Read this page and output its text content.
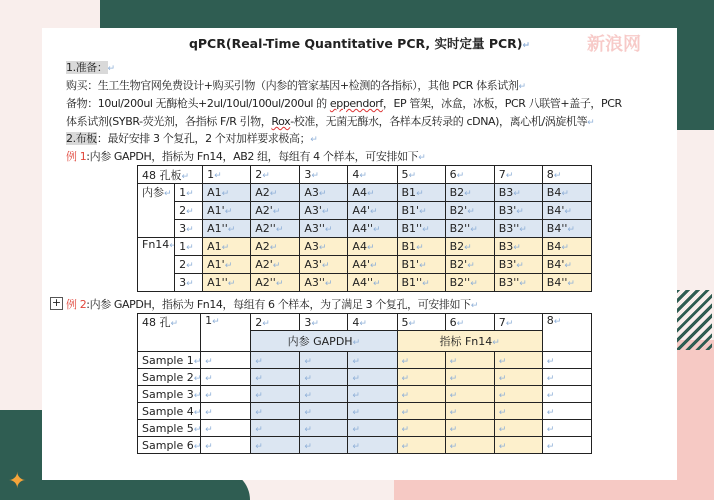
✦
qPCR(Real-Time Quantitative PCR, 实时定量 PCR) ↵	新浪网
1.准备： ↵
购买：生工生物官网免费设计+购买引物（内参的管家基因+检测的各指标），其他 PCR 体系试剂 ↵
备物：10ul/200ul 无酶枪头+2ul/10ul/100ul/200ul 的 eppendorf，EP 管架，冰盒，冰板，PCR 八联管+盖子，PCR
体系试剂(SYBR-荧光剂，各指标 F/R 引物，Rox-校准，无菌无酶水，各样本反转录的 cDNA)，离心机/涡旋机等 ↵
2.布板：最好安排 3 个复孔，2 个对加样要求极高； ↵
例 1:内参 GAPDH，指标为 Fn14，AB2 组，每组有 4 个样本，可安排如下 ↵
48 孔板 ↵		1 ↵	2 ↵	3 ↵	4 ↵	5 ↵	6 ↵	7 ↵	8 ↵
内参 ↵	1 ↵	A1 ↵	A2 ↵	A3 ↵	A4 ↵	B1 ↵	B2 ↵	B3 ↵	B4 ↵
	2 ↵	A1' ↵	A2' ↵	A3' ↵	A4' ↵	B1' ↵	B2' ↵	B3' ↵	B4' ↵
	3 ↵	A1'' ↵	A2'' ↵	A3'' ↵	A4'' ↵	B1'' ↵	B2'' ↵	B3'' ↵	B4'' ↵
Fn14 ↵	1 ↵	A1 ↵	A2 ↵	A3 ↵	A4 ↵	B1 ↵	B2 ↵	B3 ↵	B4 ↵
	2 ↵	A1' ↵	A2' ↵	A3' ↵	A4' ↵	B1' ↵	B2' ↵	B3' ↵	B4' ↵
	3 ↵	A1'' ↵	A2'' ↵	A3'' ↵	A4'' ↵	B1'' ↵	B2'' ↵	B3'' ↵	B4'' ↵
例 2:内参 GAPDH，指标为 Fn14，每组有 6 个样本，为了满足 3 个复孔，可安排如下 ↵
+
48 孔 ↵	1 ↵	2 ↵	3 ↵	4 ↵	5 ↵	6 ↵	7 ↵	8 ↵
		内参 GAPDH ↵			指标 Fn14 ↵
Sample 1 ↵	↵	↵	↵	↵	↵	↵	↵	↵
Sample 2 ↵	↵	↵	↵	↵	↵	↵	↵	↵
Sample 3 ↵	↵	↵	↵	↵	↵	↵	↵	↵
Sample 4 ↵	↵	↵	↵	↵	↵	↵	↵	↵
Sample 5 ↵	↵	↵	↵	↵	↵	↵	↵	↵
Sample 6 ↵	↵	↵	↵	↵	↵	↵	↵	↵
